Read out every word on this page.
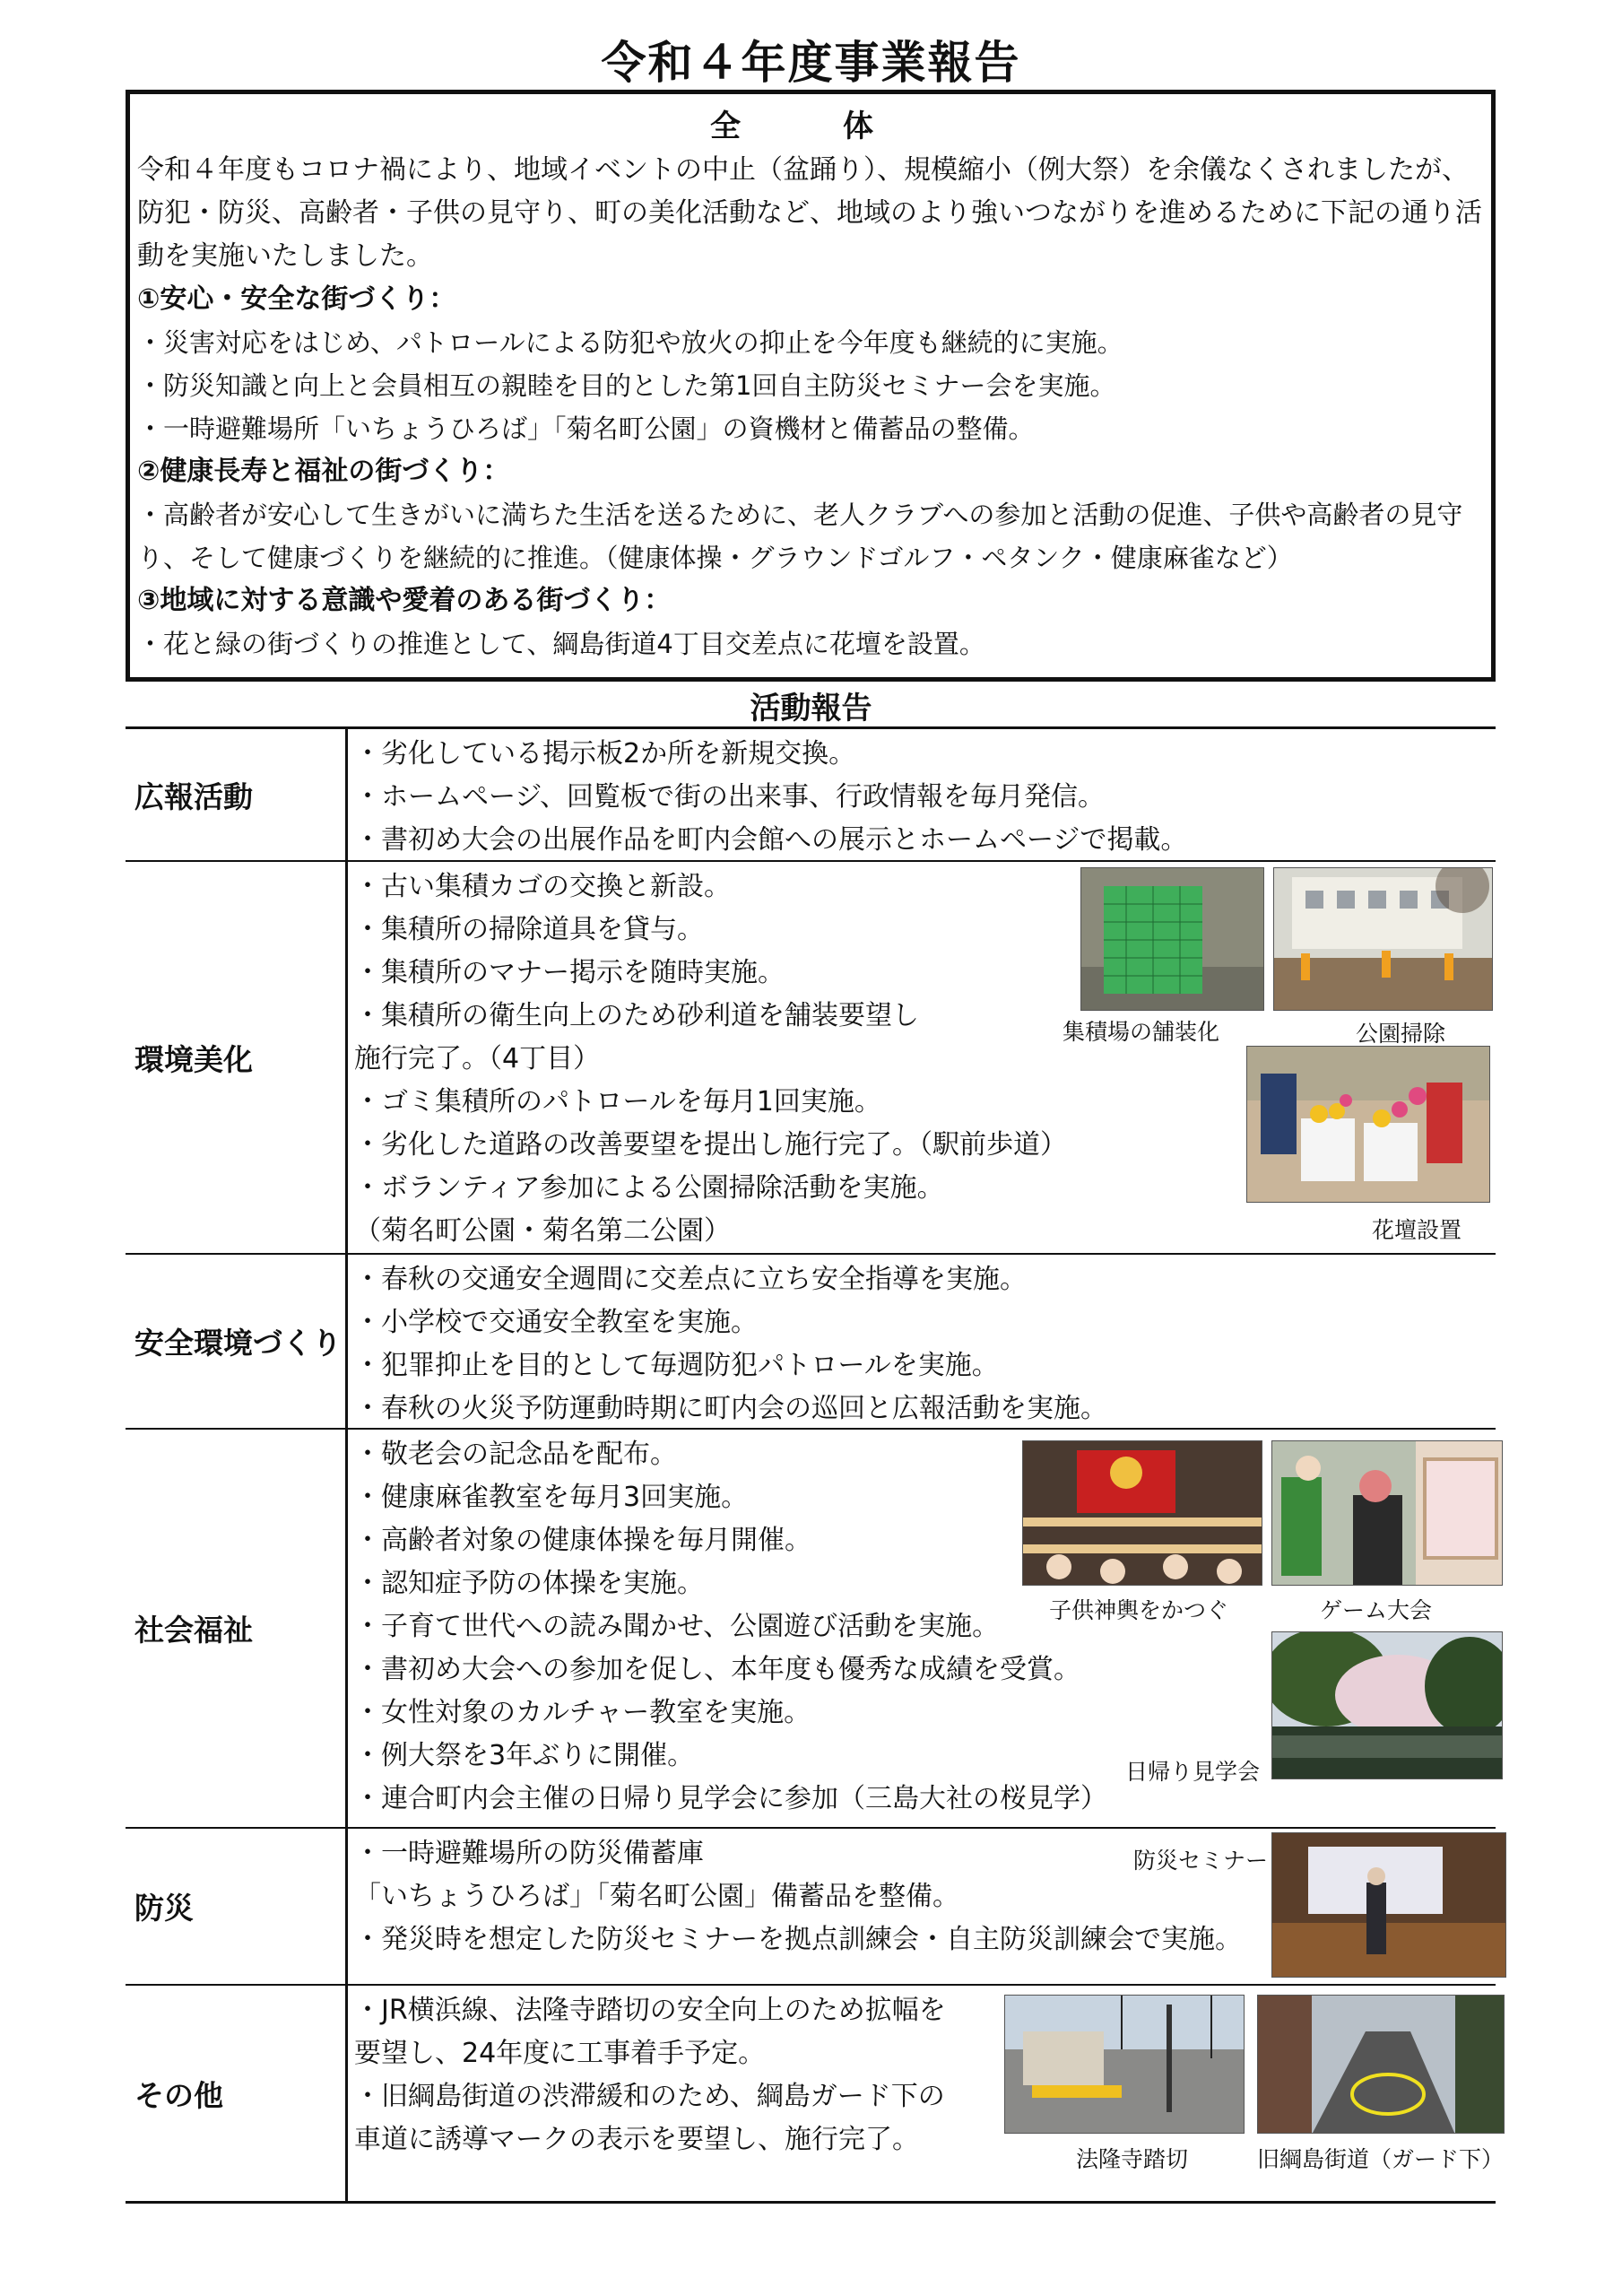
令和４年度事業報告
全　体
令和４年度もコロナ禍により、地域イベントの中止（盆踊り）、規模縮小（例大祭）を余儀なくされましたが、防犯・防災、高齢者・子供の見守り、町の美化活動など、地域のより強いつながりを進めるために下記の通り活動を実施いたしました。
①安心・安全な街づくり：
・災害対応をはじめ、パトロールによる防犯や放火の抑止を今年度も継続的に実施。
・防災知識と向上と会員相互の親睦を目的とした第1回自主防災セミナー会を実施。
・一時避難場所「いちょうひろば」「菊名町公園」の資機材と備蓄品の整備。
②健康長寿と福祉の街づくり：
・高齢者が安心して生きがいに満ちた生活を送るために、老人クラブへの参加と活動の促進、子供や高齢者の見守り、そして健康づくりを継続的に推進。（健康体操・グラウンドゴルフ・ペタンク・健康麻雀など）
③地域に対する意識や愛着のある街づくり：
・花と緑の街づくりの推進として、綱島街道4丁目交差点に花壇を設置。
活動報告
広報活動
・劣化している掲示板2か所を新規交換。
・ホームページ、回覧板で街の出来事、行政情報を毎月発信。
・書初め大会の出展作品を町内会館への展示とホームページで掲載。
環境美化
・古い集積カゴの交換と新設。
・集積所の掃除道具を貸与。
・集積所のマナー掲示を随時実施。
・集積所の衛生向上のため砂利道を舗装要望し
施行完了。（4丁目）
・ゴミ集積所のパトロールを毎月1回実施。
・劣化した道路の改善要望を提出し施行完了。（駅前歩道）
・ボランティア参加による公園掃除活動を実施。
（菊名町公園・菊名第二公園）
集積場の舗装化	公園掃除
花壇設置
安全環境づくり
・春秋の交通安全週間に交差点に立ち安全指導を実施。
・小学校で交通安全教室を実施。
・犯罪抑止を目的として毎週防犯パトロールを実施。
・春秋の火災予防運動時期に町内会の巡回と広報活動を実施。
社会福祉
・敬老会の記念品を配布。
・健康麻雀教室を毎月3回実施。
・高齢者対象の健康体操を毎月開催。
・認知症予防の体操を実施。
・子育て世代への読み聞かせ、公園遊び活動を実施。
・書初め大会への参加を促し、本年度も優秀な成績を受賞。
・女性対象のカルチャー教室を実施。
・例大祭を3年ぶりに開催。
・連合町内会主催の日帰り見学会に参加（三島大社の桜見学）
子供神輿をかつぐ	ゲーム大会
日帰り見学会
防災
・一時避難場所の防災備蓄庫
「いちょうひろば」「菊名町公園」備蓄品を整備。
・発災時を想定した防災セミナーを拠点訓練会・自主防災訓練会で実施。
防災セミナー
その他
・JR横浜線、法隆寺踏切の安全向上のため拡幅を
要望し、24年度に工事着手予定。
・旧綱島街道の渋滞緩和のため、綱島ガード下の
車道に誘導マークの表示を要望し、施行完了。
法隆寺踏切	旧綱島街道（ガード下）
